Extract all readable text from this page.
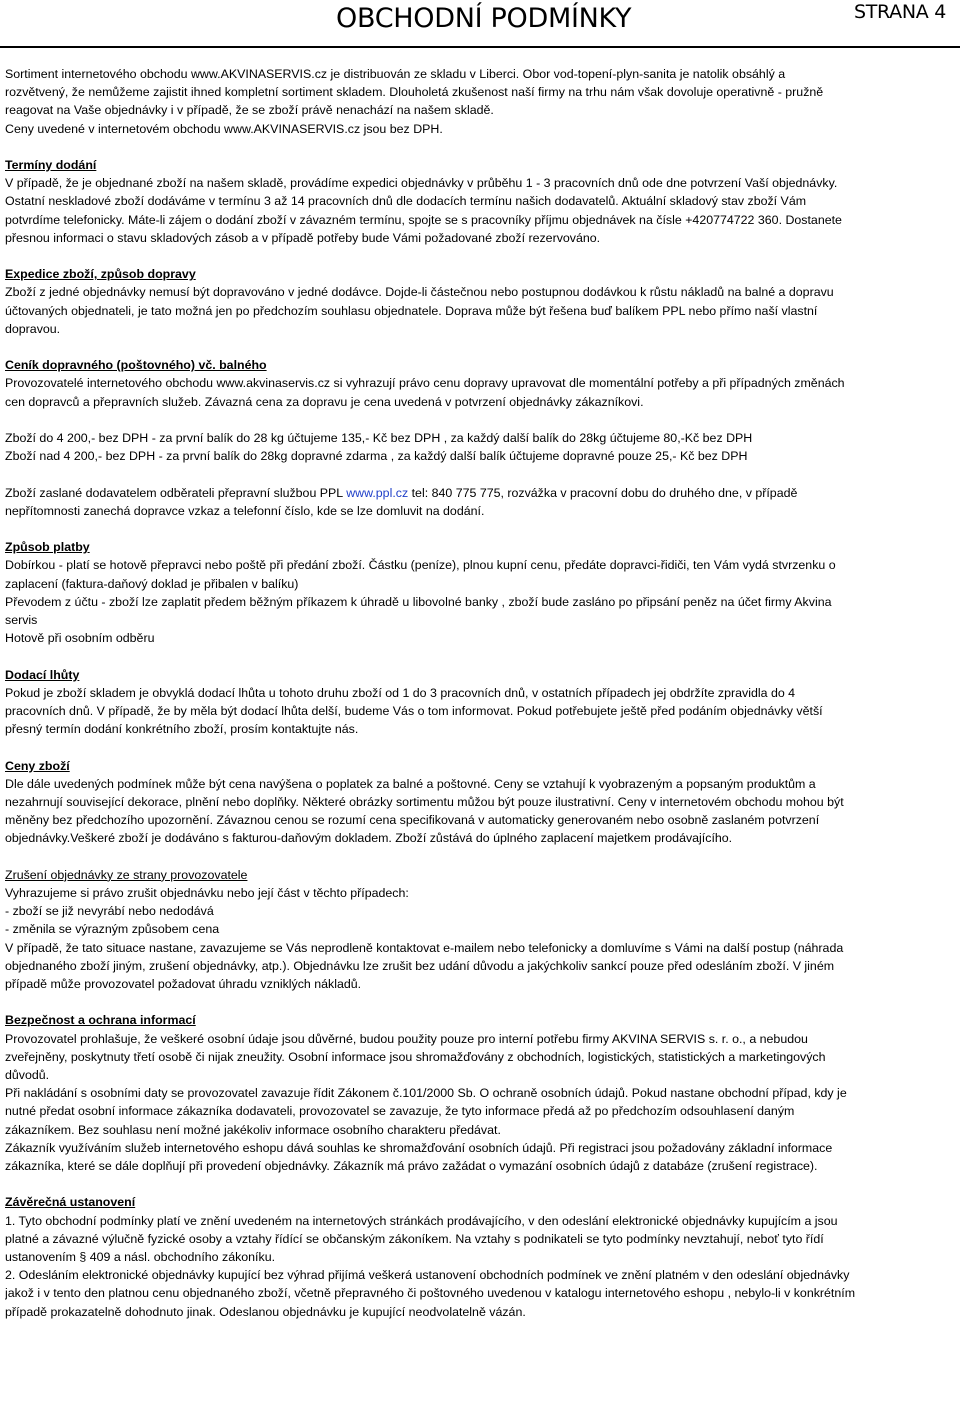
OBCHODNÍ PODMÍNKY	STRANA 4

Sortiment internetového obchodu www.AKVINASERVIS.cz je distribuován ze skladu v Liberci. Obor vod-topení-plyn-sanita je natolik obsáhlý a

rozvětvený, že nemůžeme zajistit ihned kompletní sortiment skladem. Dlouholetá zkušenost naší firmy na trhu nám však dovoluje operativně - pružně

reagovat na Vaše objednávky i v případě, že se zboží právě nenachází na našem skladě.

Ceny uvedené v internetovém obchodu www.AKVINASERVIS.cz jsou bez DPH.

Termíny dodání

V případě, že je objednané zboží na našem skladě, provádíme expedici objednávky v průběhu 1 - 3 pracovních dnů ode dne potvrzení Vaší objednávky.

Ostatní neskladové zboží dodáváme v termínu 3 až 14 pracovních dnů dle dodacích termínu našich dodavatelů. Aktuální skladový stav zboží Vám

potvrdíme telefonicky. Máte-li zájem o dodání zboží v závazném termínu, spojte se s pracovníky příjmu objednávek na čísle +420774722 360. Dostanete

přesnou informaci o stavu skladových zásob a v případě potřeby bude Vámi požadované zboží rezervováno.

Expedice zboží, způsob dopravy

Zboží z jedné objednávky nemusí být dopravováno v jedné dodávce. Dojde-li částečnou nebo postupnou dodávkou k růstu nákladů na balné a dopravu

účtovaných objednateli, je tato možná jen po předchozím souhlasu objednatele. Doprava může být řešena buď balíkem PPL nebo přímo naší vlastní

dopravou.

Ceník dopravného (poštovného) vč. balného

Provozovatelé internetového obchodu www.akvinaservis.cz si vyhrazují právo cenu dopravy upravovat dle momentální potřeby a při případných změnách

cen dopravců a přepravních služeb. Závazná cena za dopravu je cena uvedená v potvrzení objednávky zákazníkovi.

Zboží do 4 200,- bez DPH - za první balík do 28 kg účtujeme 135,- Kč bez DPH , za každý další balík do 28kg účtujeme 80,-Kč bez DPH

Zboží nad 4 200,- bez DPH - za první balík do 28kg dopravné zdarma , za každý další balík účtujeme dopravné pouze 25,- Kč bez DPH

Zboží zaslané dodavatelem odběrateli přepravní službou PPL www.ppl.cz tel: 840 775 775, rozvážka v pracovní dobu do druhého dne, v případě

nepřítomnosti zanechá dopravce vzkaz a telefonní číslo, kde se lze domluvit na dodání.

Způsob platby

Dobírkou - platí se hotově přepravci nebo poště při předání zboží. Částku (peníze), plnou kupní cenu, předáte dopravci-řidiči, ten Vám vydá stvrzenku o

zaplacení (faktura-daňový doklad je přibalen v balíku)

Převodem z účtu - zboží lze zaplatit předem běžným příkazem k úhradě u libovolné banky , zboží bude zasláno po připsání peněz na účet firmy Akvina

servis

Hotově při osobním odběru

Dodací lhůty

Pokud je zboží skladem je obvyklá dodací lhůta u tohoto druhu zboží od 1 do 3 pracovních dnů, v ostatních případech jej obdržíte zpravidla do 4

pracovních dnů. V případě, že by měla být dodací lhůta delší, budeme Vás o tom informovat. Pokud potřebujete ještě před podáním objednávky větší

přesný termín dodání konkrétního zboží, prosím kontaktujte nás.

Ceny zboží

Dle dále uvedených podmínek může být cena navýšena o poplatek za balné a poštovné. Ceny se vztahují k vyobrazeným a popsaným produktům a

nezahrnují související dekorace, plnění nebo doplňky. Některé obrázky sortimentu můžou být pouze ilustrativní. Ceny v internetovém obchodu mohou být

měněny bez předchozího upozornění. Závaznou cenou se rozumí cena specifikovaná v automaticky generovaném nebo osobně zaslaném potvrzení

objednávky.Veškeré zboží je dodáváno s fakturou-daňovým dokladem. Zboží zůstává do úplného zaplacení majetkem prodávajícího.

Zrušení objednávky ze strany provozovatele

Vyhrazujeme si právo zrušit objednávku nebo její část v těchto případech:

- zboží se již nevyrábí nebo nedodává

- změnila se výrazným způsobem cena

V případě, že tato situace nastane, zavazujeme se Vás neprodleně kontaktovat e-mailem nebo telefonicky a domluvíme s Vámi na další postup (náhrada

objednaného zboží jiným, zrušení objednávky, atp.). Objednávku lze zrušit bez udání důvodu a jakýchkoliv sankcí pouze před odesláním zboží. V jiném

případě může provozovatel požadovat úhradu vzniklých nákladů.

Bezpečnost a ochrana informací

Provozovatel prohlašuje, že veškeré osobní údaje jsou důvěrné, budou použity pouze pro interní potřebu firmy AKVINA SERVIS s. r. o., a nebudou

zveřejněny, poskytnuty třetí osobě či nijak zneužity. Osobní informace jsou shromažďovány z obchodních, logistických, statistických a marketingových

důvodů.

Při nakládání s osobními daty se provozovatel zavazuje řídit Zákonem č.101/2000 Sb. O ochraně osobních údajů. Pokud nastane obchodní případ, kdy je

nutné předat osobní informace zákazníka dodavateli, provozovatel se zavazuje, že tyto informace předá až po předchozím odsouhlasení daným

zákazníkem. Bez souhlasu není možné jakékoliv informace osobního charakteru předávat.

Zákazník využíváním služeb internetového eshopu dává souhlas ke shromažďování osobních údajů. Při registraci jsou požadovány základní informace

zákazníka, které se dále doplňují při provedení objednávky. Zákazník má právo zažádat o vymazání osobních údajů z databáze (zrušení registrace).

Závěrečná ustanovení

1. Tyto obchodní podmínky platí ve znění uvedeném na internetových stránkách prodávajícího, v den odeslání elektronické objednávky kupujícím a jsou

platné a závazné výlučně fyzické osoby a vztahy řídící se občanským zákoníkem. Na vztahy s podnikateli se tyto podmínky nevztahují, neboť tyto řídí

ustanovením § 409 a násl. obchodního zákoníku.

2. Odesláním elektronické objednávky kupující bez výhrad přijímá veškerá ustanovení obchodních podmínek ve znění platném v den odeslání objednávky

jakož i v tento den platnou cenu objednaného zboží, včetně přepravného či poštovného uvedenou v katalogu internetového eshopu , nebylo-li v konkrétním

případě prokazatelně dohodnuto jinak. Odeslanou objednávku je kupující neodvolatelně vázán.
